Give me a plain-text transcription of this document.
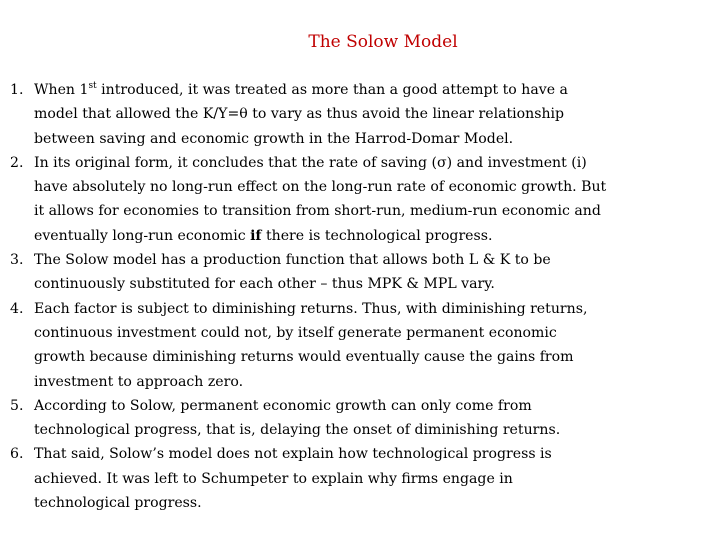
The Solow Model
1. When 1st introduced, it was treated as more than a good attempt to have a
model that allowed the K/Y=θ to vary as thus avoid the linear relationship
between saving and economic growth in the Harrod-Domar Model.
2. In its original form, it concludes that the rate of saving (σ) and investment (i)
have absolutely no long-run effect on the long-run rate of economic growth. But
it allows for economies to transition from short-run, medium-run economic and
eventually long-run economic if there is technological progress.
3. The Solow model has a production function that allows both L & K to be
continuously substituted for each other – thus MPK & MPL vary.
4. Each factor is subject to diminishing returns. Thus, with diminishing returns,
continuous investment could not, by itself generate permanent economic
growth because diminishing returns would eventually cause the gains from
investment to approach zero.
5. According to Solow, permanent economic growth can only come from
technological progress, that is, delaying the onset of diminishing returns.
6. That said, Solow’s model does not explain how technological progress is
achieved. It was left to Schumpeter to explain why firms engage in
technological progress.
